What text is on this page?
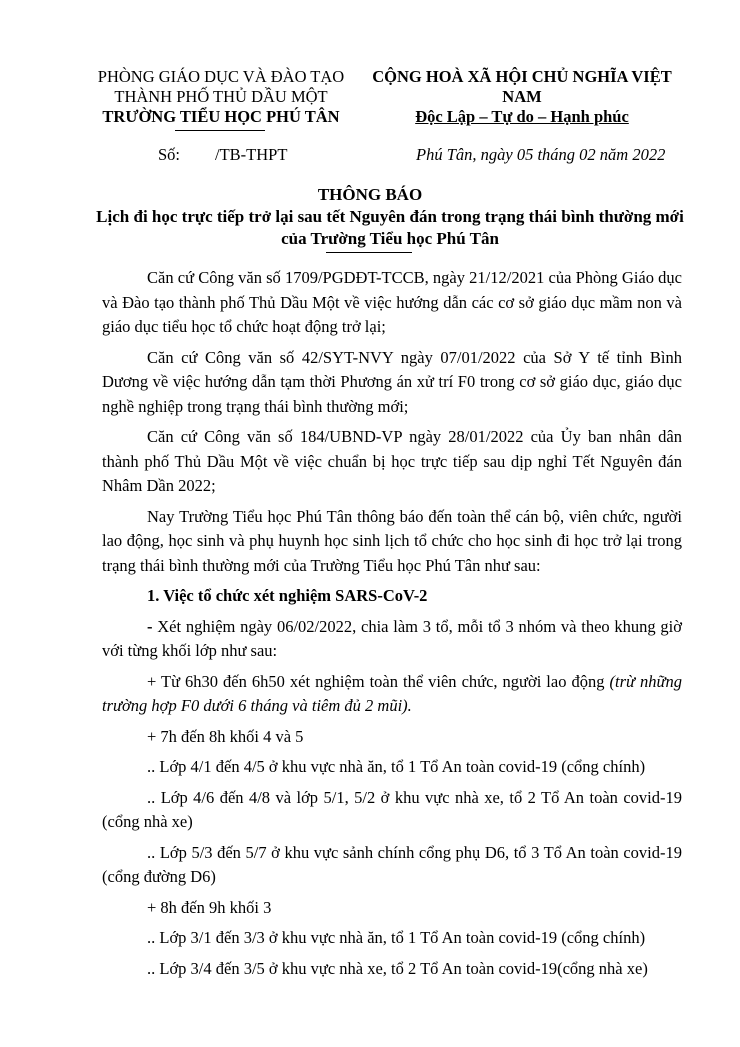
PHÒNG GIÁO DỤC VÀ ĐÀO TẠO
THÀNH PHỐ THỦ DẦU MỘT
TRƯỜNG TIỂU HỌC PHÚ TÂN
CỘNG HOÀ XÃ HỘI CHỦ NGHĨA VIỆT NAM
Độc Lập – Tự do – Hạnh phúc
Số: /TB-THPT	Phú Tân, ngày 05 tháng 02 năm 2022
THÔNG BÁO
Lịch đi học trực tiếp trở lại sau tết Nguyên đán trong trạng thái bình thường mới của Trường Tiểu học Phú Tân

Căn cứ Công văn số 1709/PGDĐT-TCCB, ngày 21/12/2021 của Phòng Giáo dục và Đào tạo thành phố Thủ Dầu Một về việc hướng dẫn các cơ sở giáo dục mầm non và giáo dục tiểu học tổ chức hoạt động trở lại;

Căn cứ Công văn số 42/SYT-NVY ngày 07/01/2022 của Sở Y tế tỉnh Bình Dương về việc hướng dẫn tạm thời Phương án xử trí F0 trong cơ sở giáo dục, giáo dục nghề nghiệp trong trạng thái bình thường mới;

Căn cứ Công văn số 184/UBND-VP ngày 28/01/2022 của Ủy ban nhân dân thành phố Thủ Dầu Một về việc chuẩn bị học trực tiếp sau dịp nghỉ Tết Nguyên đán Nhâm Dần 2022;

Nay Trường Tiểu học Phú Tân thông báo đến toàn thể cán bộ, viên chức, người lao động, học sinh và phụ huynh học sinh lịch tổ chức cho học sinh đi học trở lại trong trạng thái bình thường mới của Trường Tiểu học Phú Tân như sau:

1. Việc tổ chức xét nghiệm SARS-CoV-2

- Xét nghiệm ngày 06/02/2022, chia làm 3 tổ, mỗi tổ 3 nhóm và theo khung giờ với từng khối lớp như sau:

+ Từ 6h30 đến 6h50 xét nghiệm toàn thể viên chức, người lao động (trừ những trường hợp F0 dưới 6 tháng và tiêm đủ 2 mũi).

+ 7h đến 8h khối 4 và 5

.. Lớp 4/1 đến 4/5 ở khu vực nhà ăn, tổ 1 Tổ An toàn covid-19 (cổng chính)

.. Lớp 4/6 đến 4/8 và lớp 5/1, 5/2 ở khu vực nhà xe, tổ 2 Tổ An toàn covid-19 (cổng nhà xe)

.. Lớp 5/3 đến 5/7 ở khu vực sảnh chính cổng phụ D6, tổ 3 Tổ An toàn covid-19 (cổng đường D6)

+ 8h đến 9h khối 3

.. Lớp 3/1 đến 3/3 ở khu vực nhà ăn, tổ 1 Tổ An toàn covid-19 (cổng chính)

.. Lớp 3/4 đến 3/5 ở khu vực nhà xe, tổ 2 Tổ An toàn covid-19(cổng nhà xe)
